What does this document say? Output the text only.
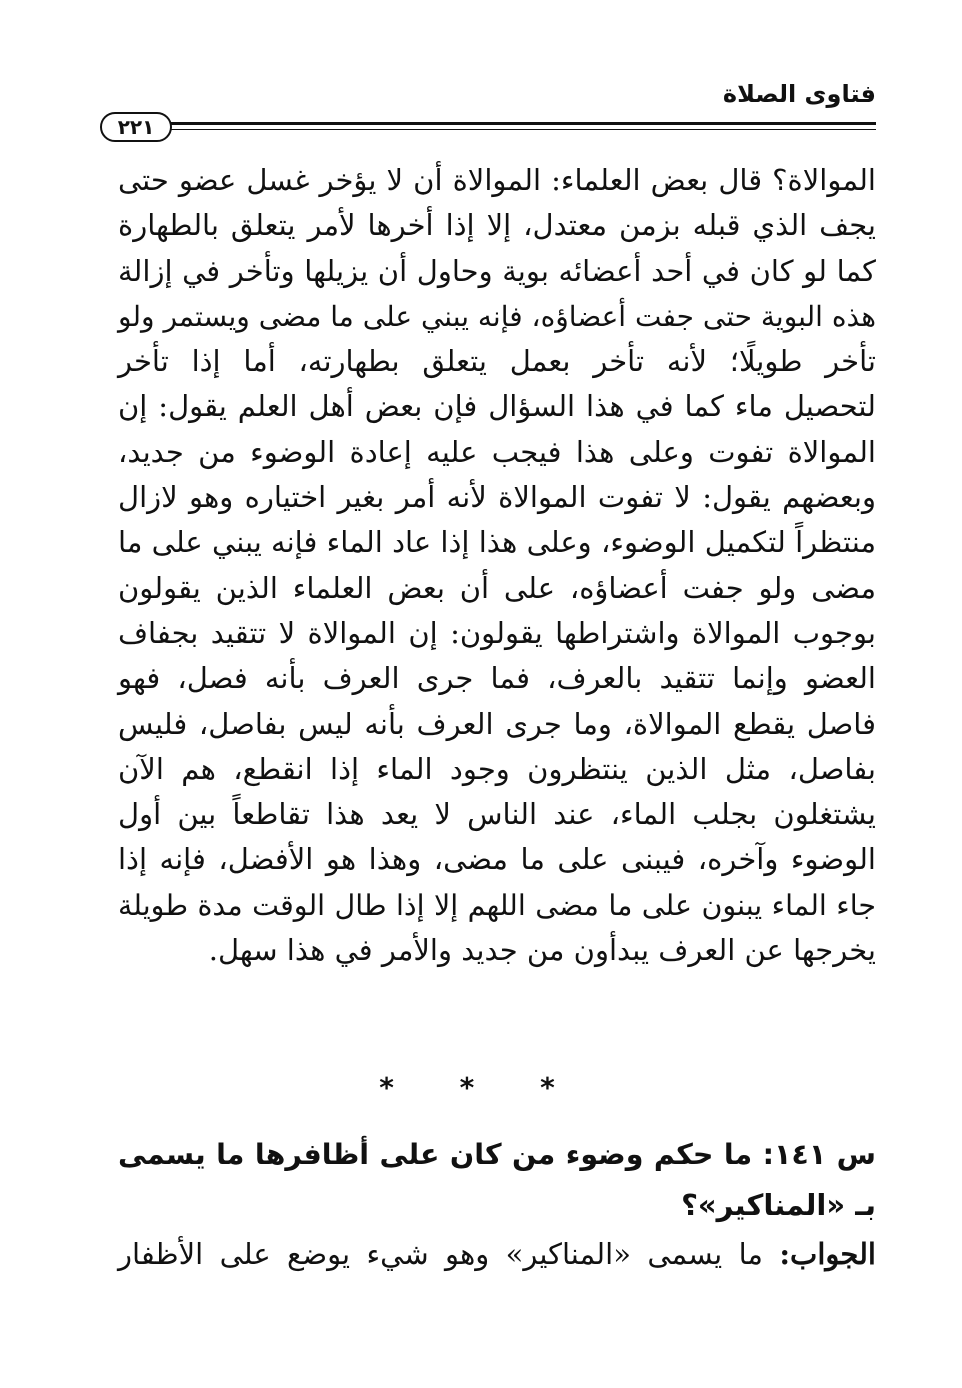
فتاوى الصلاة
٢٢١
الموالاة؟ قال بعض العلماء: الموالاة أن لا يؤخر غسل عضو حتى
يجف الذي قبله بزمن معتدل، إلا إذا أخرها لأمر يتعلق بالطهارة
كما لو كان في أحد أعضائه بوية وحاول أن يزيلها وتأخر في إزالة
هذه البوية حتى جفت أعضاؤه، فإنه يبني على ما مضى ويستمر ولو
تأخر طويلًا؛ لأنه تأخر بعمل يتعلق بطهارته، أما إذا تأخر
لتحصيل ماء كما في هذا السؤال فإن بعض أهل العلم يقول: إن
الموالاة تفوت وعلى هذا فيجب عليه إعادة الوضوء من جديد،
وبعضهم يقول: لا تفوت الموالاة لأنه أمر بغير اختياره وهو لازال
منتظراً لتكميل الوضوء، وعلى هذا إذا عاد الماء فإنه يبني على ما
مضى ولو جفت أعضاؤه، على أن بعض العلماء الذين يقولون
بوجوب الموالاة واشتراطها يقولون: إن الموالاة لا تتقيد بجفاف
العضو وإنما تتقيد بالعرف، فما جرى العرف بأنه فصل، فهو
فاصل يقطع الموالاة، وما جرى العرف بأنه ليس بفاصل، فليس
بفاصل، مثل الذين ينتظرون وجود الماء إذا انقطع، هم الآن
يشتغلون بجلب الماء، عند الناس لا يعد هذا تقاطعاً بين أول
الوضوء وآخره، فيبنى على ما مضى، وهذا هو الأفضل، فإنه إذا
جاء الماء يبنون على ما مضى اللهم إلا إذا طال الوقت مدة طويلة
يخرجها عن العرف يبدأون من جديد والأمر في هذا سهل.
* * *
س ١٤١: ما حكم وضوء من كان على أظافرها ما يسمى
بـ «المناكير»؟
الجواب: ما يسمى «المناكير» وهو شيء يوضع على الأظفار
